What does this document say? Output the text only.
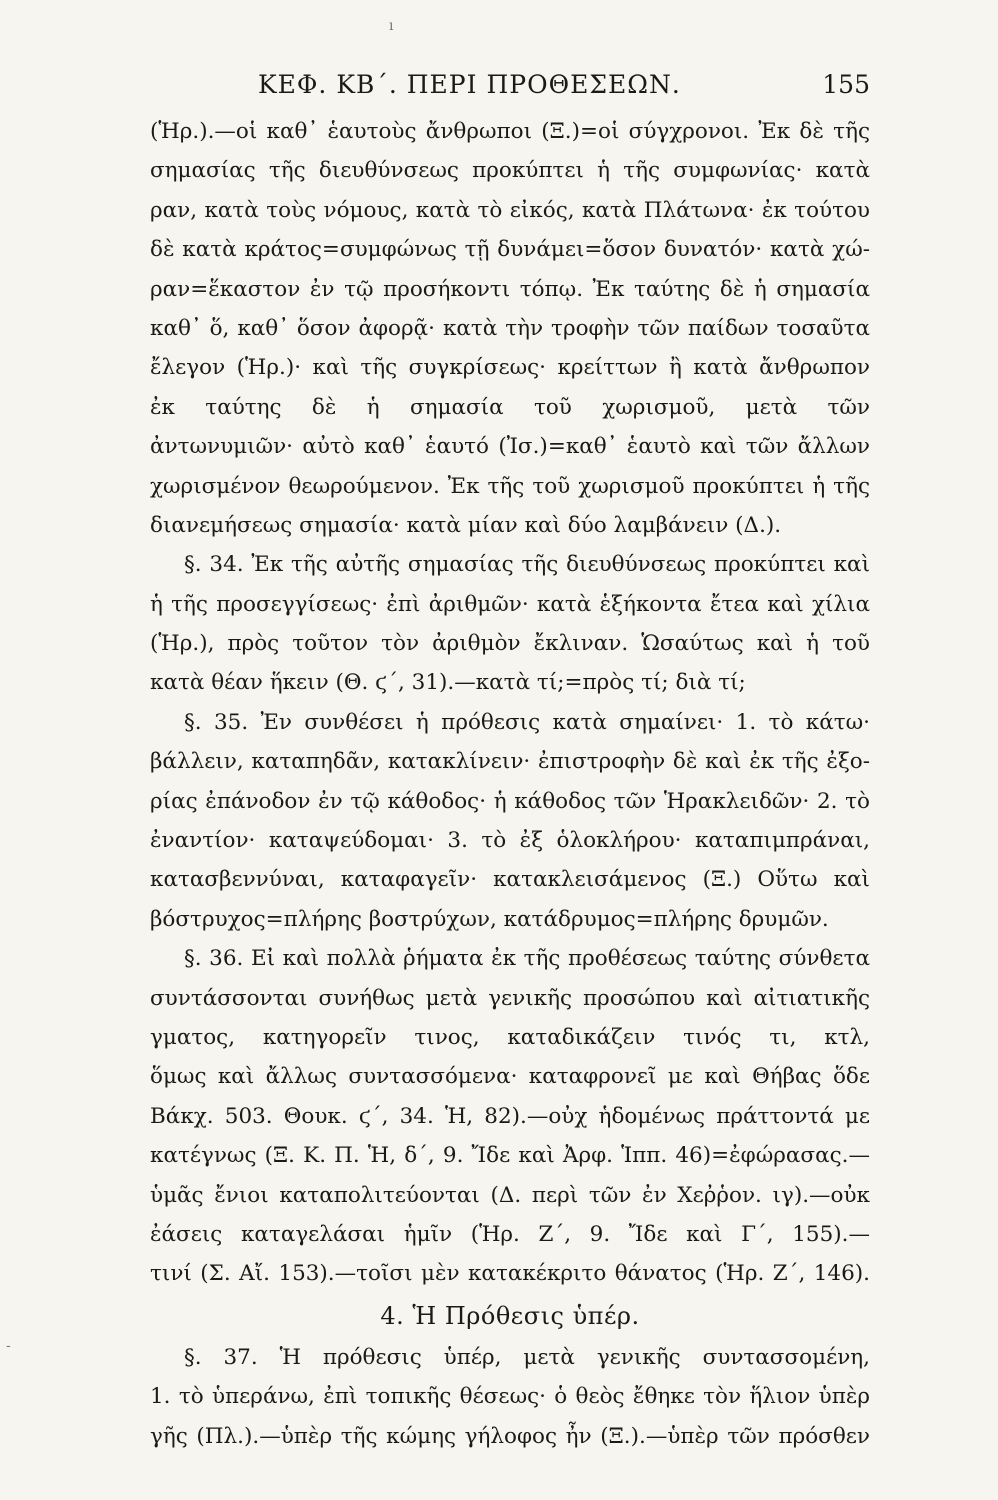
ı
-
ΚΕΦ. ΚΒ΄. ΠΕΡΙ ΠΡΟΘΕΣΕΩΝ.	155
(Ἡρ.).—οἱ καθ᾽ ἑαυτοὺς ἄνθρωποι (Ξ.)=οἱ σύγχρονοι. Ἐκ δὲ τῆς
σημασίας τῆς διευθύνσεως προκύπτει ἡ τῆς συμφωνίας· κατὰ
ραν, κατὰ τοὺς νόμους, κατὰ τὸ εἰκός, κατὰ Πλάτωνα· ἐκ τούτου
δὲ κατὰ κράτος=συμφώνως τῇ δυνάμει=ὅσον δυνατόν· κατὰ χώ-
ραν=ἕκαστον ἐν τῷ προσήκοντι τόπῳ. Ἐκ ταύτης δὲ ἡ σημασία
καθ᾽ ὅ, καθ᾽ ὅσον ἀφορᾷ· κατὰ τὴν τροφὴν τῶν παίδων τοσαῦτα
ἔλεγον (Ἡρ.)· καὶ τῆς συγκρίσεως· κρείττων ἢ κατὰ ἄνθρωπον
ἐκ ταύτης δὲ ἡ σημασία τοῦ χωρισμοῦ, μετὰ τῶν
ἀντωνυμιῶν· αὐτὸ καθ᾽ ἑαυτό (Ἰσ.)=καθ᾽ ἑαυτὸ καὶ τῶν ἄλλων
χωρισμένον θεωρούμενον. Ἐκ τῆς τοῦ χωρισμοῦ προκύπτει ἡ τῆς
διανεμήσεως σημασία· κατὰ μίαν καὶ δύο λαμβάνειν (Δ.).
§. 34. Ἐκ τῆς αὐτῆς σημασίας τῆς διευθύνσεως προκύπτει καὶ
ἡ τῆς προσεγγίσεως· ἐπὶ ἀριθμῶν· κατὰ ἑξήκοντα ἔτεα καὶ χίλια
(Ἡρ.), πρὸς τοῦτον τὸν ἀριθμὸν ἔκλιναν. Ὡσαύτως καὶ ἡ τοῦ
κατὰ θέαν ἥκειν (Θ. ϛ΄, 31).—κατὰ τί;=πρὸς τί; διὰ τί;
§. 35. Ἐν συνθέσει ἡ πρόθεσις κατὰ σημαίνει· 1. τὸ κάτω·
βάλλειν, καταπηδᾶν, κατακλίνειν· ἐπιστροφὴν δὲ καὶ ἐκ τῆς ἐξο-
ρίας ἐπάνοδον ἐν τῷ κάθοδος· ἡ κάθοδος τῶν Ἡρακλειδῶν· 2. τὸ
ἐναντίον· καταψεύδομαι· 3. τὸ ἐξ ὁλοκλήρου· καταπιμπράναι,
κατασβεννύναι, καταφαγεῖν· κατακλεισάμενος (Ξ.) Οὕτω καὶ
βόστρυχος=πλήρης βοστρύχων, κατάδρυμος=πλήρης δρυμῶν.
§. 36. Εἰ καὶ πολλὰ ῥήματα ἐκ τῆς προθέσεως ταύτης σύνθετα
συντάσσονται συνήθως μετὰ γενικῆς προσώπου καὶ αἰτιατικῆς
γματος, κατηγορεῖν τινος, καταδικάζειν τινός τι, κτλ,
ὅμως καὶ ἄλλως συντασσόμενα· καταφρονεῖ με καὶ Θήβας ὅδε
Βάκχ. 503. Θουκ. ϛ΄, 34. Ἡ, 82).—οὐχ ἡδομένως πράττοντά με
κατέγνως (Ξ. Κ. Π. Ἡ, δ΄, 9. Ἴδε καὶ Ἀρφ. Ἱππ. 46)=ἐφώρασας.—
ὑμᾶς ἔνιοι καταπολιτεύονται (Δ. περὶ τῶν ἐν Χεῤῥον. ιγ).—οὐκ
ἐάσεις καταγελάσαι ἡμῖν (Ἡρ. Ζ΄, 9. Ἴδε καὶ Γ΄, 155).—
τινί (Σ. Αἴ. 153).—τοῖσι μὲν κατακέκριτο θάνατος (Ἡρ. Ζ΄, 146).
4. Ἡ Πρόθεσις ὑπέρ.
§. 37. Ἡ πρόθεσις ὑπέρ, μετὰ γενικῆς συντασσομένη,
1. τὸ ὑπεράνω, ἐπὶ τοπικῆς θέσεως· ὁ θεὸς ἔθηκε τὸν ἥλιον ὑπὲρ
γῆς (Πλ.).—ὑπὲρ τῆς κώμης γήλοφος ἦν (Ξ.).—ὑπὲρ τῶν πρόσθεν
